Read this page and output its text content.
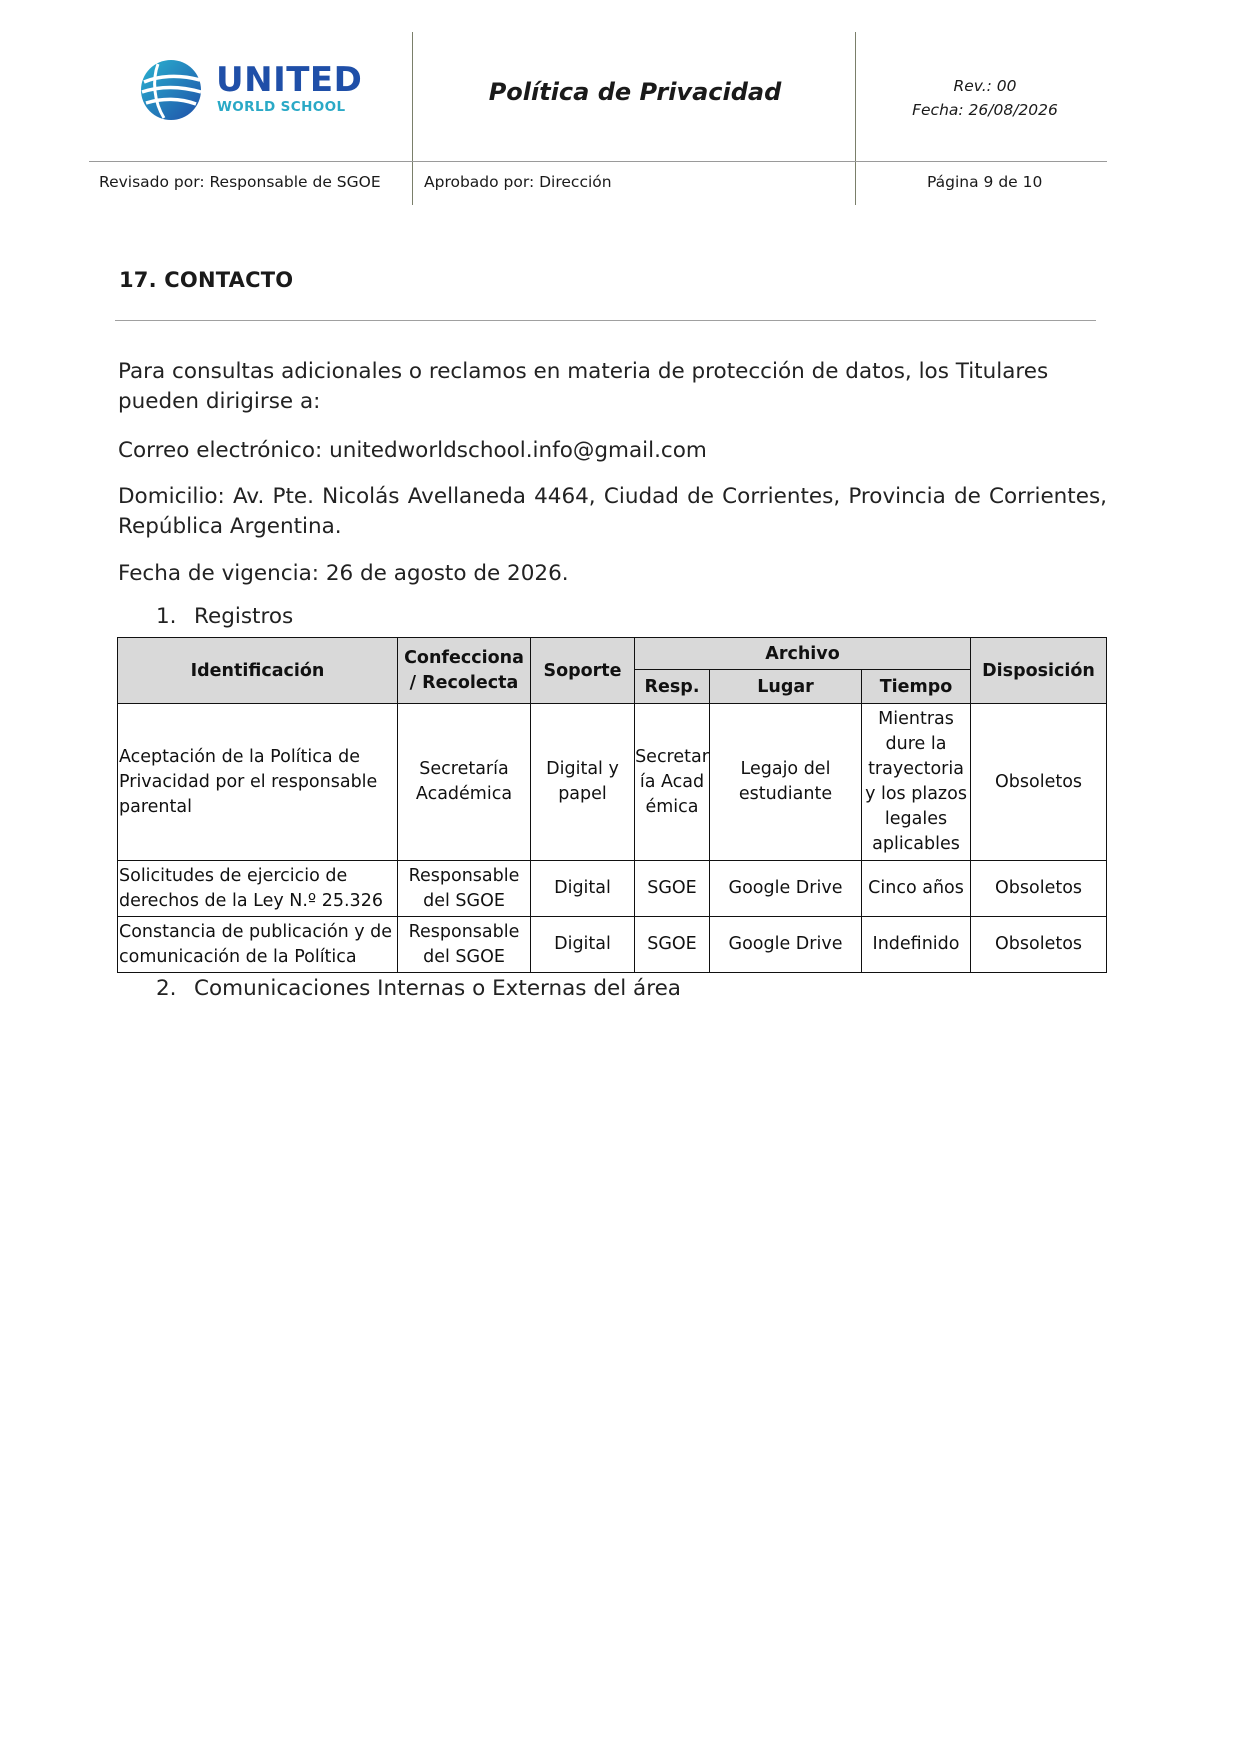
UNITED
WORLD SCHOOL
Política de Privacidad	Rev.: 00
Fecha: 26/08/2026
Revisado por: Responsable de SGOE	Aprobado por: Dirección	Página 9 de 10
17. CONTACTO
Para consultas adicionales o reclamos en materia de protección de datos, los Titulares pueden dirigirse a:
Correo electrónico: unitedworldschool.info@gmail.com
Domicilio: Av. Pte. Nicolás Avellaneda 4464, Ciudad de Corrientes, Provincia de Corrientes, República Argentina.
Fecha de vigencia: 26 de agosto de 2026.
1. Registros
Identificación	Confecciona / Recolecta	Soporte	Archivo			Disposición
			Resp.	Lugar	Tiempo	
Aceptación de la Política de Privacidad por el responsable parental	Secretaría Académica	Digital y papel	Secretaría Académica	Legajo del estudiante	Mientras dure la trayectoria y los plazos legales aplicables	Obsoletos
Solicitudes de ejercicio de derechos de la Ley N.º 25.326	Responsable del SGOE	Digital	SGOE	Google Drive	Cinco años	Obsoletos
Constancia de publicación y de comunicación de la Política	Responsable del SGOE	Digital	SGOE	Google Drive	Indefinido	Obsoletos
2. Comunicaciones Internas o Externas del área
